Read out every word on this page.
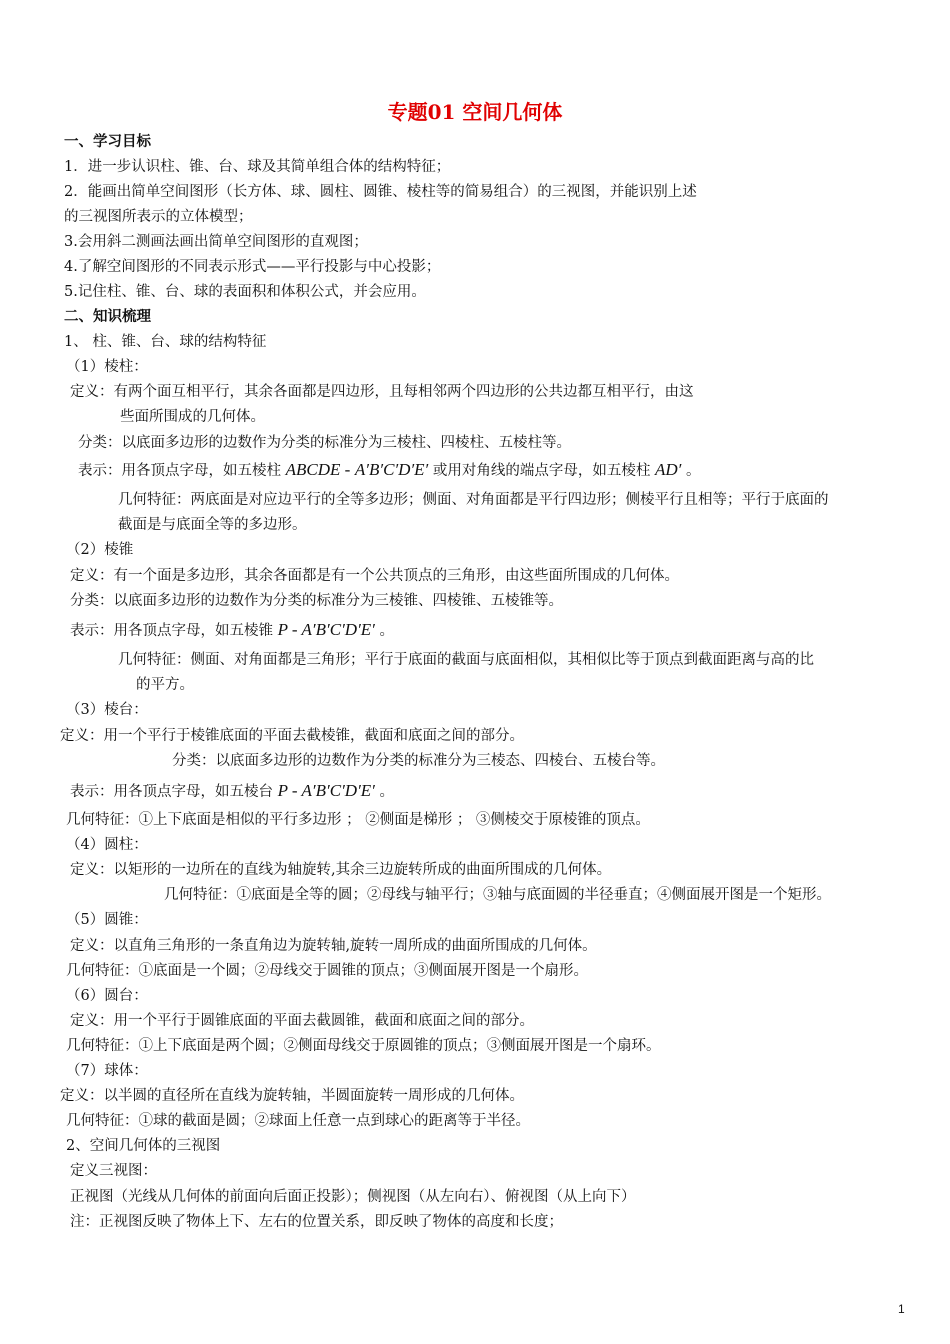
专题01 空间几何体
一、学习目标
1．进一步认识柱、锥、台、球及其简单组合体的结构特征；
2．能画出简单空间图形（长方体、球、圆柱、圆锥、棱柱等的简易组合）的三视图，并能识别上述
的三视图所表示的立体模型；
3.会用斜二测画法画出简单空间图形的直观图；
4.了解空间图形的不同表示形式——平行投影与中心投影；
5.记住柱、锥、台、球的表面积和体积公式，并会应用。
二、知识梳理
1、 柱、锥、台、球的结构特征
（1）棱柱：
定义：有两个面互相平行，其余各面都是四边形，且每相邻两个四边形的公共边都互相平行，由这
些面所围成的几何体。
分类：以底面多边形的边数作为分类的标准分为三棱柱、四棱柱、五棱柱等。
表示：用各顶点字母，如五棱柱 ABCDE - A′B′C′D′E′ 或用对角线的端点字母，如五棱柱 AD′ 。
几何特征：两底面是对应边平行的全等多边形；侧面、对角面都是平行四边形；侧棱平行且相等；平行于底面的
截面是与底面全等的多边形。
（2）棱锥
定义：有一个面是多边形，其余各面都是有一个公共顶点的三角形，由这些面所围成的几何体。
分类：以底面多边形的边数作为分类的标准分为三棱锥、四棱锥、五棱锥等。
表示：用各顶点字母，如五棱锥 P - A′B′C′D′E′ 。
几何特征：侧面、对角面都是三角形；平行于底面的截面与底面相似，其相似比等于顶点到截面距离与高的比
的平方。
（3）棱台：
定义：用一个平行于棱锥底面的平面去截棱锥，截面和底面之间的部分。
分类：以底面多边形的边数作为分类的标准分为三棱态、四棱台、五棱台等。
表示：用各顶点字母，如五棱台 P - A′B′C′D′E′ 。
几何特征：①上下底面是相似的平行多边形 ； ②侧面是梯形 ； ③侧棱交于原棱锥的顶点。
（4）圆柱：
定义：以矩形的一边所在的直线为轴旋转,其余三边旋转所成的曲面所围成的几何体。
几何特征：①底面是全等的圆；②母线与轴平行；③轴与底面圆的半径垂直；④侧面展开图是一个矩形。
（5）圆锥：
定义：以直角三角形的一条直角边为旋转轴,旋转一周所成的曲面所围成的几何体。
几何特征：①底面是一个圆；②母线交于圆锥的顶点；③侧面展开图是一个扇形。
（6）圆台：
定义：用一个平行于圆锥底面的平面去截圆锥，截面和底面之间的部分。
几何特征：①上下底面是两个圆；②侧面母线交于原圆锥的顶点；③侧面展开图是一个扇环。
（7）球体：
定义：以半圆的直径所在直线为旋转轴，半圆面旋转一周形成的几何体。
几何特征：①球的截面是圆；②球面上任意一点到球心的距离等于半径。
2、空间几何体的三视图
定义三视图：
正视图（光线从几何体的前面向后面正投影）；侧视图（从左向右）、俯视图（从上向下）
注：正视图反映了物体上下、左右的位置关系，即反映了物体的高度和长度；
1
